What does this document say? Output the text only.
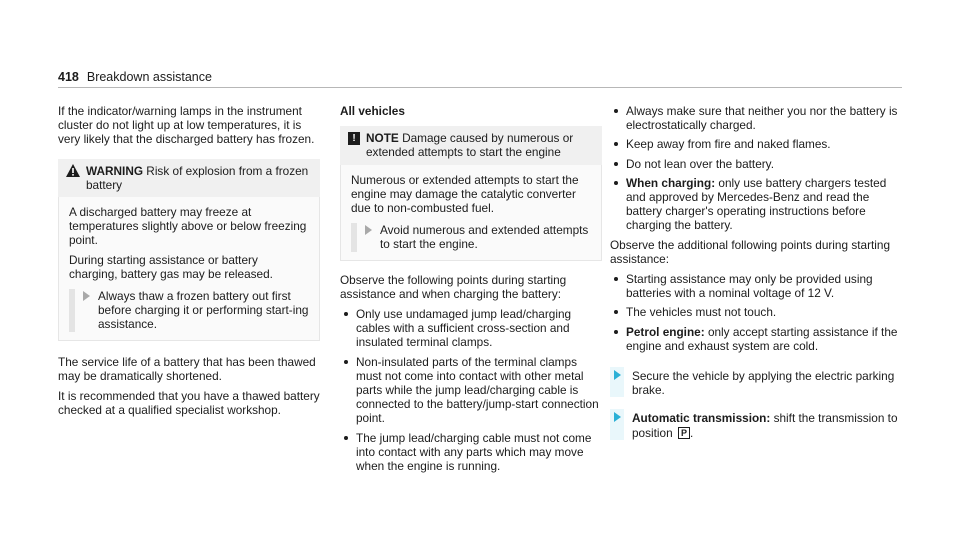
418 Breakdown assistance

If the indicator/warning lamps in the instrument cluster do not light up at low temperatures, it is very likely that the discharged battery has frozen.

WARNING Risk of explosion from a frozen battery

A discharged battery may freeze at temperatures slightly above or below freezing point.

During starting assistance or battery charging, battery gas may be released.

Always thaw a frozen battery out first before charging it or performing start-ing assistance.

The service life of a battery that has been thawed may be dramatically shortened.

It is recommended that you have a thawed battery checked at a qualified specialist workshop.

All vehicles
! NOTE Damage caused by numerous or extended attempts to start the engine

Numerous or extended attempts to start the engine may damage the catalytic converter due to non-combusted fuel.

Avoid numerous and extended attempts to start the engine.

Observe the following points during starting assistance and when charging the battery:

Only use undamaged jump lead/charging cables with a sufficient cross-section and insulated terminal clamps.
Non-insulated parts of the terminal clamps must not come into contact with other metal parts while the jump lead/charging cable is connected to the battery/jump-start connection point.
The jump lead/charging cable must not come into contact with any parts which may move when the engine is running.
Always make sure that neither you nor the battery is electrostatically charged.
Keep away from fire and naked flames.
Do not lean over the battery.
When charging: only use battery chargers tested and approved by Mercedes-Benz and read the battery charger's operating instructions before charging the battery.

Observe the additional following points during starting assistance:

Starting assistance may only be provided using batteries with a nominal voltage of 12 V.
The vehicles must not touch.
Petrol engine: only accept starting assistance if the engine and exhaust system are cold.
Secure the vehicle by applying the electric parking brake.
Automatic transmission: shift the transmission to position P .
